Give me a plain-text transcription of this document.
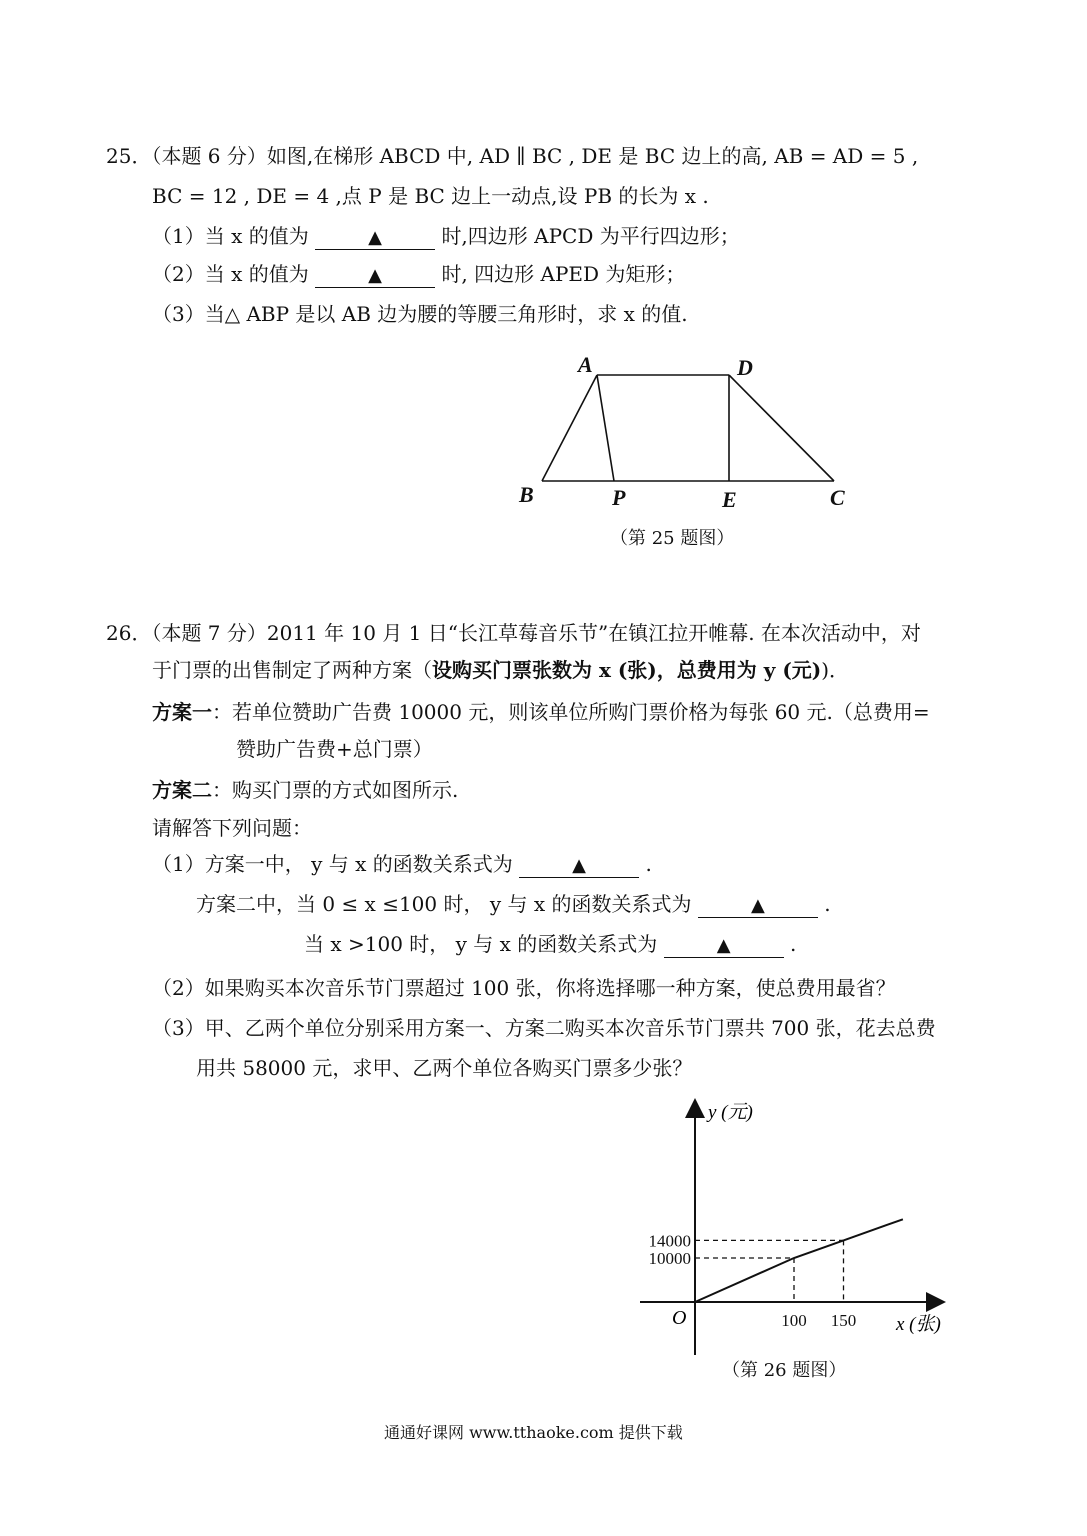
25．（本题 6 分）如图,在梯形 ABCD 中, AD ∥ BC , DE 是 BC 边上的高, AB = AD = 5 ,
BC = 12 , DE = 4 ,点 P 是 BC 边上一动点,设 PB 的长为 x .
（1）当 x 的值为	▲	时,四边形 APCD 为平行四边形；
（2）当 x 的值为	▲	时, 四边形 APED 为矩形；
（3）当△ ABP 是以 AB 边为腰的等腰三角形时，求 x 的值.
A	D
B	P	E	C
（第 25 题图）
26．（本题 7 分）2011 年 10 月 1 日“长江草莓音乐节”在镇江拉开帷幕. 在本次活动中，对
于门票的出售制定了两种方案（设购买门票张数为 x (张)，总费用为 y (元))．
方案一：若单位赞助广告费 10000 元，则该单位所购门票价格为每张 60 元.（总费用=
赞助广告费+总门票）
方案二：购买门票的方式如图所示.
请解答下列问题：
（1）方案一中， y 与 x 的函数关系式为	▲	.
方案二中，当 0 ≤ x ≤100 时， y 与 x 的函数关系式为	▲	.
当 x >100 时， y 与 x 的函数关系式为	▲	.
（2）如果购买本次音乐节门票超过 100 张，你将选择哪一种方案，使总费用最省？
（3）甲、乙两个单位分别采用方案一、方案二购买本次音乐节门票共 700 张，花去总费
用共 58000 元，求甲、乙两个单位各购买门票多少张？
100 150
10000
14000
O
y (元)
x (张)
（第 26 题图）
通通好课网 www.tthaoke.com 提供下载
